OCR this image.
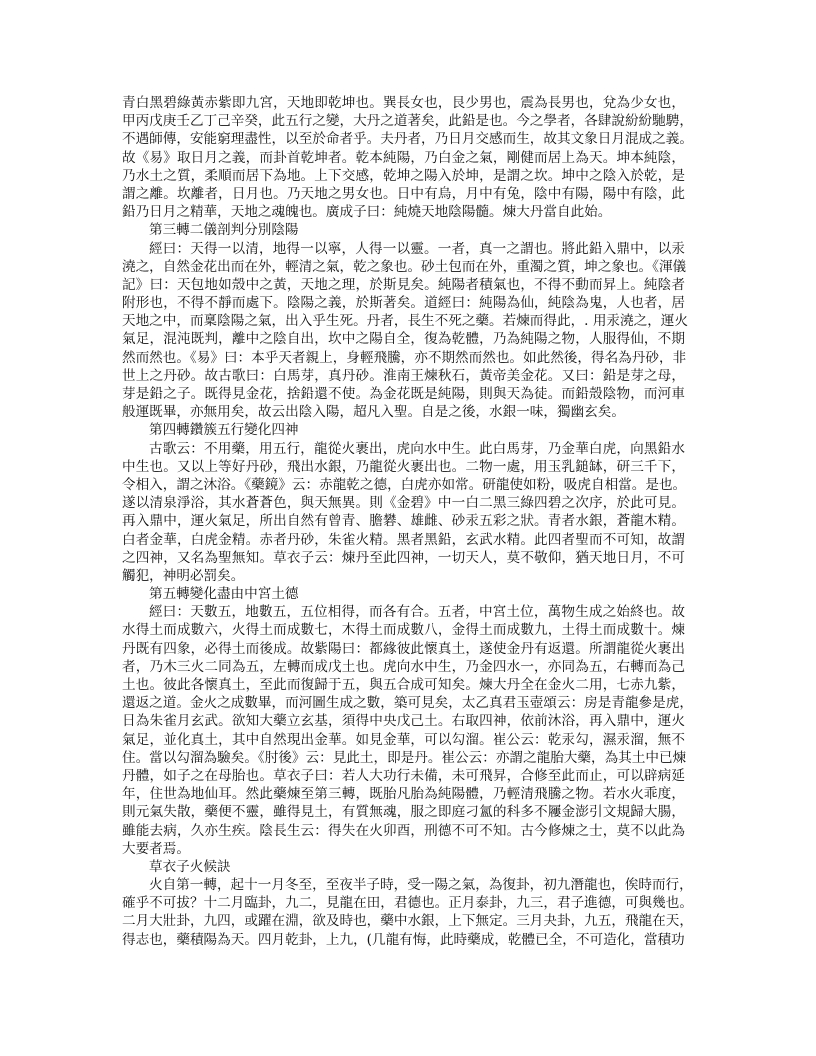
青白黑碧綠黃赤紫即九宮，天地即乾坤也。巽長女也，艮少男也，震為長男也，兌為少女也，
甲丙戊庚壬乙丁己辛癸，此五行之變，大丹之道著矣，此鉛是也。今之學者，各肆說紛紛馳騁，
不遇師傳，安能窮理盡性，以至於命者乎。夫丹者，乃日月交感而生，故其文象日月混成之義。
故《易》取日月之義，而卦首乾坤者。乾本純陽，乃白金之氣，剛健而居上為天。坤本純陰，
乃水土之質，柔順而居下為地。上下交感，乾坤之陽入於坤，是謂之坎。坤中之陰入於乾，是
謂之離。坎離者，日月也。乃天地之男女也。日中有烏，月中有兔，陰中有陽，陽中有陰，此
鉛乃日月之精華，天地之魂魄也。廣成子曰：純燒天地陰陽髓。煉大丹當自此始。
第三轉二儀剖判分別陰陽
經曰：天得一以清，地得一以寧，人得一以靈。一者，真一之謂也。將此鉛入鼎中，以汞
澆之，自然金花出而在外，輕清之氣，乾之象也。砂土包而在外，重濁之質，坤之象也。《渾儀
記》曰：天包地如殼中之黃，天地之理，於斯見矣。純陽者積氣也，不得不動而昇上。純陰者
附形也，不得不靜而處下。陰陽之義，於斯著矣。道經曰：純陽為仙，純陰為鬼，人也者，居
天地之中，而稟陰陽之氣，出入乎生死。丹者，長生不死之藥。若煉而得此，. 用汞澆之，運火
氣足，混沌既判，離中之陰自出，坎中之陽自全，復為乾體，乃為純陽之物，人服得仙，不期
然而然也。《易》曰：本乎天者親上，身輕飛騰，亦不期然而然也。如此然後，得名為丹砂，非
世上之丹砂。故古歌曰：白馬芽，真丹砂。淮南王煉秋石，黃帝美金花。又曰：鉛是芽之母，
芽是鉛之子。既得見金花，捨鉛還不使。為金花既是純陽，則與天為徒。而鉛殼陰物，而河車
般運既畢，亦無用矣，故云出陰入陽，超凡入聖。自是之後，水銀一味，獨幽玄矣。
第四轉鑽簇五行變化四神
古歌云：不用藥，用五行，龍從火裹出，虎向水中生。此白馬芽，乃金華白虎，向黑鉛水
中生也。又以上等好丹砂，飛出水銀，乃龍從火裹出也。二物一處，用玉乳鎚缽，研三千下，
令相入，謂之沐浴。《藥鏡》云：赤龍乾之德，白虎亦如常。研龍使如粉，吸虎自相當。是也。
遂以清泉淨浴，其水蒼蒼色，與天無異。則《金碧》中一白二黑三綠四碧之次序，於此可見。
再入鼎中，運火氣足，所出自然有曾青、膽礬、雄雌、砂汞五彩之狀。青者水銀，蒼龍木精。
白者金華，白虎金精。赤者丹砂，朱雀火精。黑者黑鉛，玄武水精。此四者聖而不可知，故謂
之四神，又名為聖無知。草衣子云：煉丹至此四神，一切天人，莫不敬仰，猶天地日月，不可
觸犯，神明必罰矣。
第五轉變化盡由中宮土德
經曰：天數五，地數五，五位相得，而各有合。五者，中宮土位，萬物生成之始終也。故
水得土而成數六，火得土而成數七，木得土而成數八，金得土而成數九，土得土而成數十。煉
丹既有四象，必得土而後成。故紫陽曰：都緣彼此懷真土，遂使金丹有返還。所謂龍從火裹出
者，乃木三火二同為五，左轉而成戊土也。虎向水中生，乃金四水一，亦同為五，右轉而為己
土也。彼此各懷真土，至此而復歸于五，與五合成可知矣。煉大丹全在金火二用，七赤九紫，
還返之道。金火之成數畢，而河圖生成之數，築可見矣，太乙真君玉壺頌云：房是青龍參是虎，
日為朱雀月玄武。欲知大藥立玄基，須得中央戊己土。右取四神，依前沐浴，再入鼎中，運火
氣足，並化真土，其中自然現出金華。如見金華，可以勾溜。崔公云：乾汞勾，濕汞溜，無不
住。當以勾溜為驗矣。《肘後》云：見此土，即是丹。崔公云：亦謂之龍胎大藥，為其土中已煉
丹體，如子之在母胎也。草衣子曰：若人大功行未備，未可飛昇，合修至此而止，可以辟病延
年，住世為地仙耳。然此藥煉至第三轉，既胎凡胎為純陽體，乃輕清飛騰之物。若水火乖度，
則元氣失散，藥便不靈，雖得見土，有質無魂，服之即庭刁氳的科多不屨金澎引文規歸大腸，
雖能去病，久亦生疾。陰長生云：得失在火卯酉，刑德不可不知。古今修煉之士，莫不以此為
大要者焉。
草衣子火候訣
火自第一轉，起十一月冬至，至夜半子時，受一陽之氣，為復卦，初九潛龍也，俟時而行，
確乎不可拔？十二月臨卦，九二，見龍在田，君德也。正月泰卦，九三，君子進德，可與幾也。
二月大壯卦，九四，或躍在淵，欲及時也，藥中水銀，上下無定。三月夬卦，九五，飛龍在天，
得志也，藥積陽為天。四月乾卦，上九，(几龍有悔，此時藥成，乾體已全，不可造化，當積功
